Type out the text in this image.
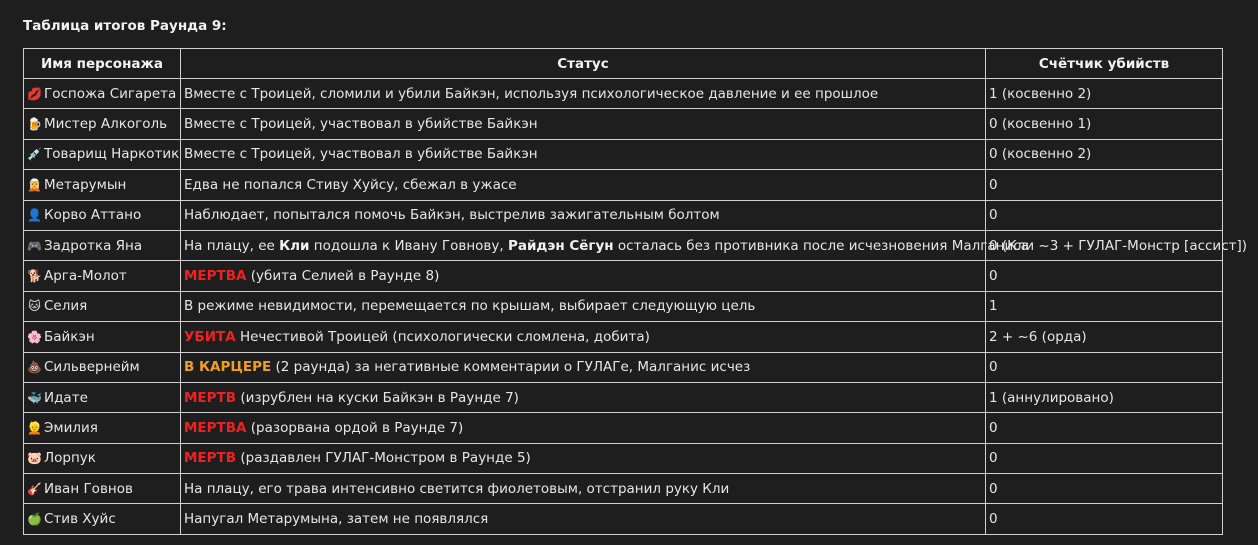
Таблица итогов Раунда 9:

Имя персонажа	Статус	Счётчик убийств
💋 Госпожа Сигарета	Вместе с Троицей, сломили и убили Байкэн, используя психологическое давление и ее прошлое	1 (косвенно 2)
🍺 Мистер Алкоголь	Вместе с Троицей, участвовал в убийстве Байкэн	0 (косвенно 1)
💉 Товарищ Наркотик	Вместе с Троицей, участвовал в убийстве Байкэн	0 (косвенно 2)
🧝 Метарумын	Едва не попался Стиву Хуйсу, сбежал в ужасе	0
👤 Корво Аттано	Наблюдает, попытался помочь Байкэн, выстрелив зажигательным болтом	0
🎮 Задротка Яна	На плацу, ее Кли подошла к Ивану Говнову, Райдэн Сёгун осталась без противника после исчезновения Малганиса	0 (Кли ~3 + ГУЛАГ-Монстр [ассист])
🐕 Арга-Молот	МЕРТВА (убита Селией в Раунде 8)	0
🐱 Селия	В режиме невидимости, перемещается по крышам, выбирает следующую цель	1
🌸 Байкэн	УБИТА Нечестивой Троицей (психологически сломлена, добита)	2 + ~6 (орда)
💩 Сильвернейм	В КАРЦЕРЕ (2 раунда) за негативные комментарии о ГУЛАГе, Малганис исчез	0
🐳 Идате	МЕРТВ (изрублен на куски Байкэн в Раунде 7)	1 (аннулировано)
👱 Эмилия	МЕРТВА (разорвана ордой в Раунде 7)	0
🐷 Лорпук	МЕРТВ (раздавлен ГУЛАГ-Монстром в Раунде 5)	0
🎸 Иван Говнов	На плацу, его трава интенсивно светится фиолетовым, отстранил руку Кли	0
🍏 Стив Хуйс	Напугал Метарумына, затем не появлялся	0
